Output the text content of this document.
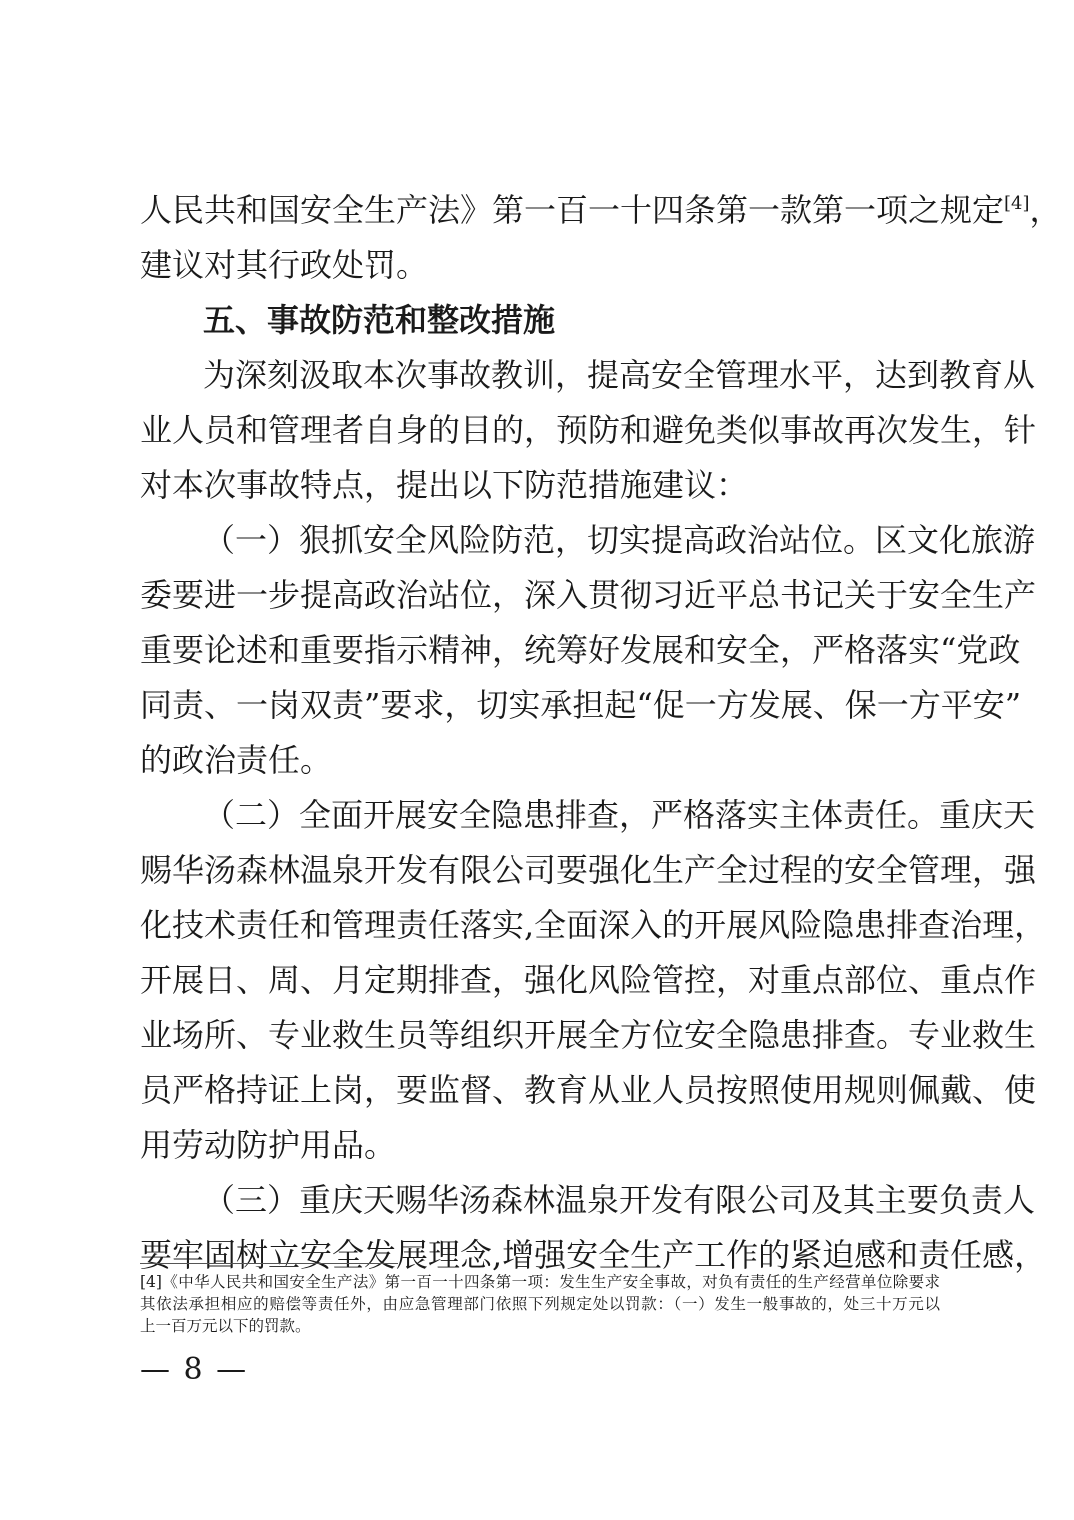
人民共和国安全生产法》第一百一十四条第一款第一项之规定[4]，
建议对其行政处罚。
五、事故防范和整改措施
为深刻汲取本次事故教训，提高安全管理水平，达到教育从
业人员和管理者自身的目的，预防和避免类似事故再次发生，针
对本次事故特点，提出以下防范措施建议：
（一）狠抓安全风险防范，切实提高政治站位。区文化旅游
委要进一步提高政治站位，深入贯彻习近平总书记关于安全生产
重要论述和重要指示精神，统筹好发展和安全，严格落实“党政
同责、一岗双责”要求，切实承担起“促一方发展、保一方平安”
的政治责任。
（二）全面开展安全隐患排查，严格落实主体责任。重庆天
赐华汤森林温泉开发有限公司要强化生产全过程的安全管理，强
化技术责任和管理责任落实,全面深入的开展风险隐患排查治理，
开展日、周、月定期排查，强化风险管控，对重点部位、重点作
业场所、专业救生员等组织开展全方位安全隐患排查。专业救生
员严格持证上岗，要监督、教育从业人员按照使用规则佩戴、使
用劳动防护用品。
（三）重庆天赐华汤森林温泉开发有限公司及其主要负责人
要牢固树立安全发展理念,增强安全生产工作的紧迫感和责任感，
[4]《中华人民共和国安全生产法》第一百一十四条第一项：发生生产安全事故，对负有责任的生产经营单位除要求
其依法承担相应的赔偿等责任外，由应急管理部门依照下列规定处以罚款：（一）发生一般事故的，处三十万元以
上一百万元以下的罚款。
— 8 —
